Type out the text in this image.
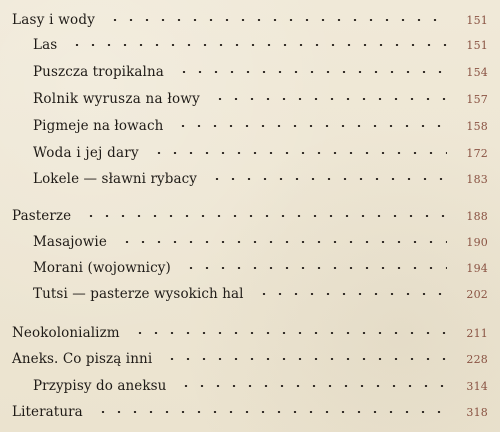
Lasy i wody	151
Las	151
Puszcza tropikalna	154
Rolnik wyrusza na łowy	157
Pigmeje na łowach	158
Woda i jej dary	172
Lokele — sławni rybacy	183
Pasterze	188
Masajowie	190
Morani (wojownicy)	194
Tutsi — pasterze wysokich hal	202
Neokolonializm	211
Aneks. Co piszą inni	228
Przypisy do aneksu	314
Literatura	318
